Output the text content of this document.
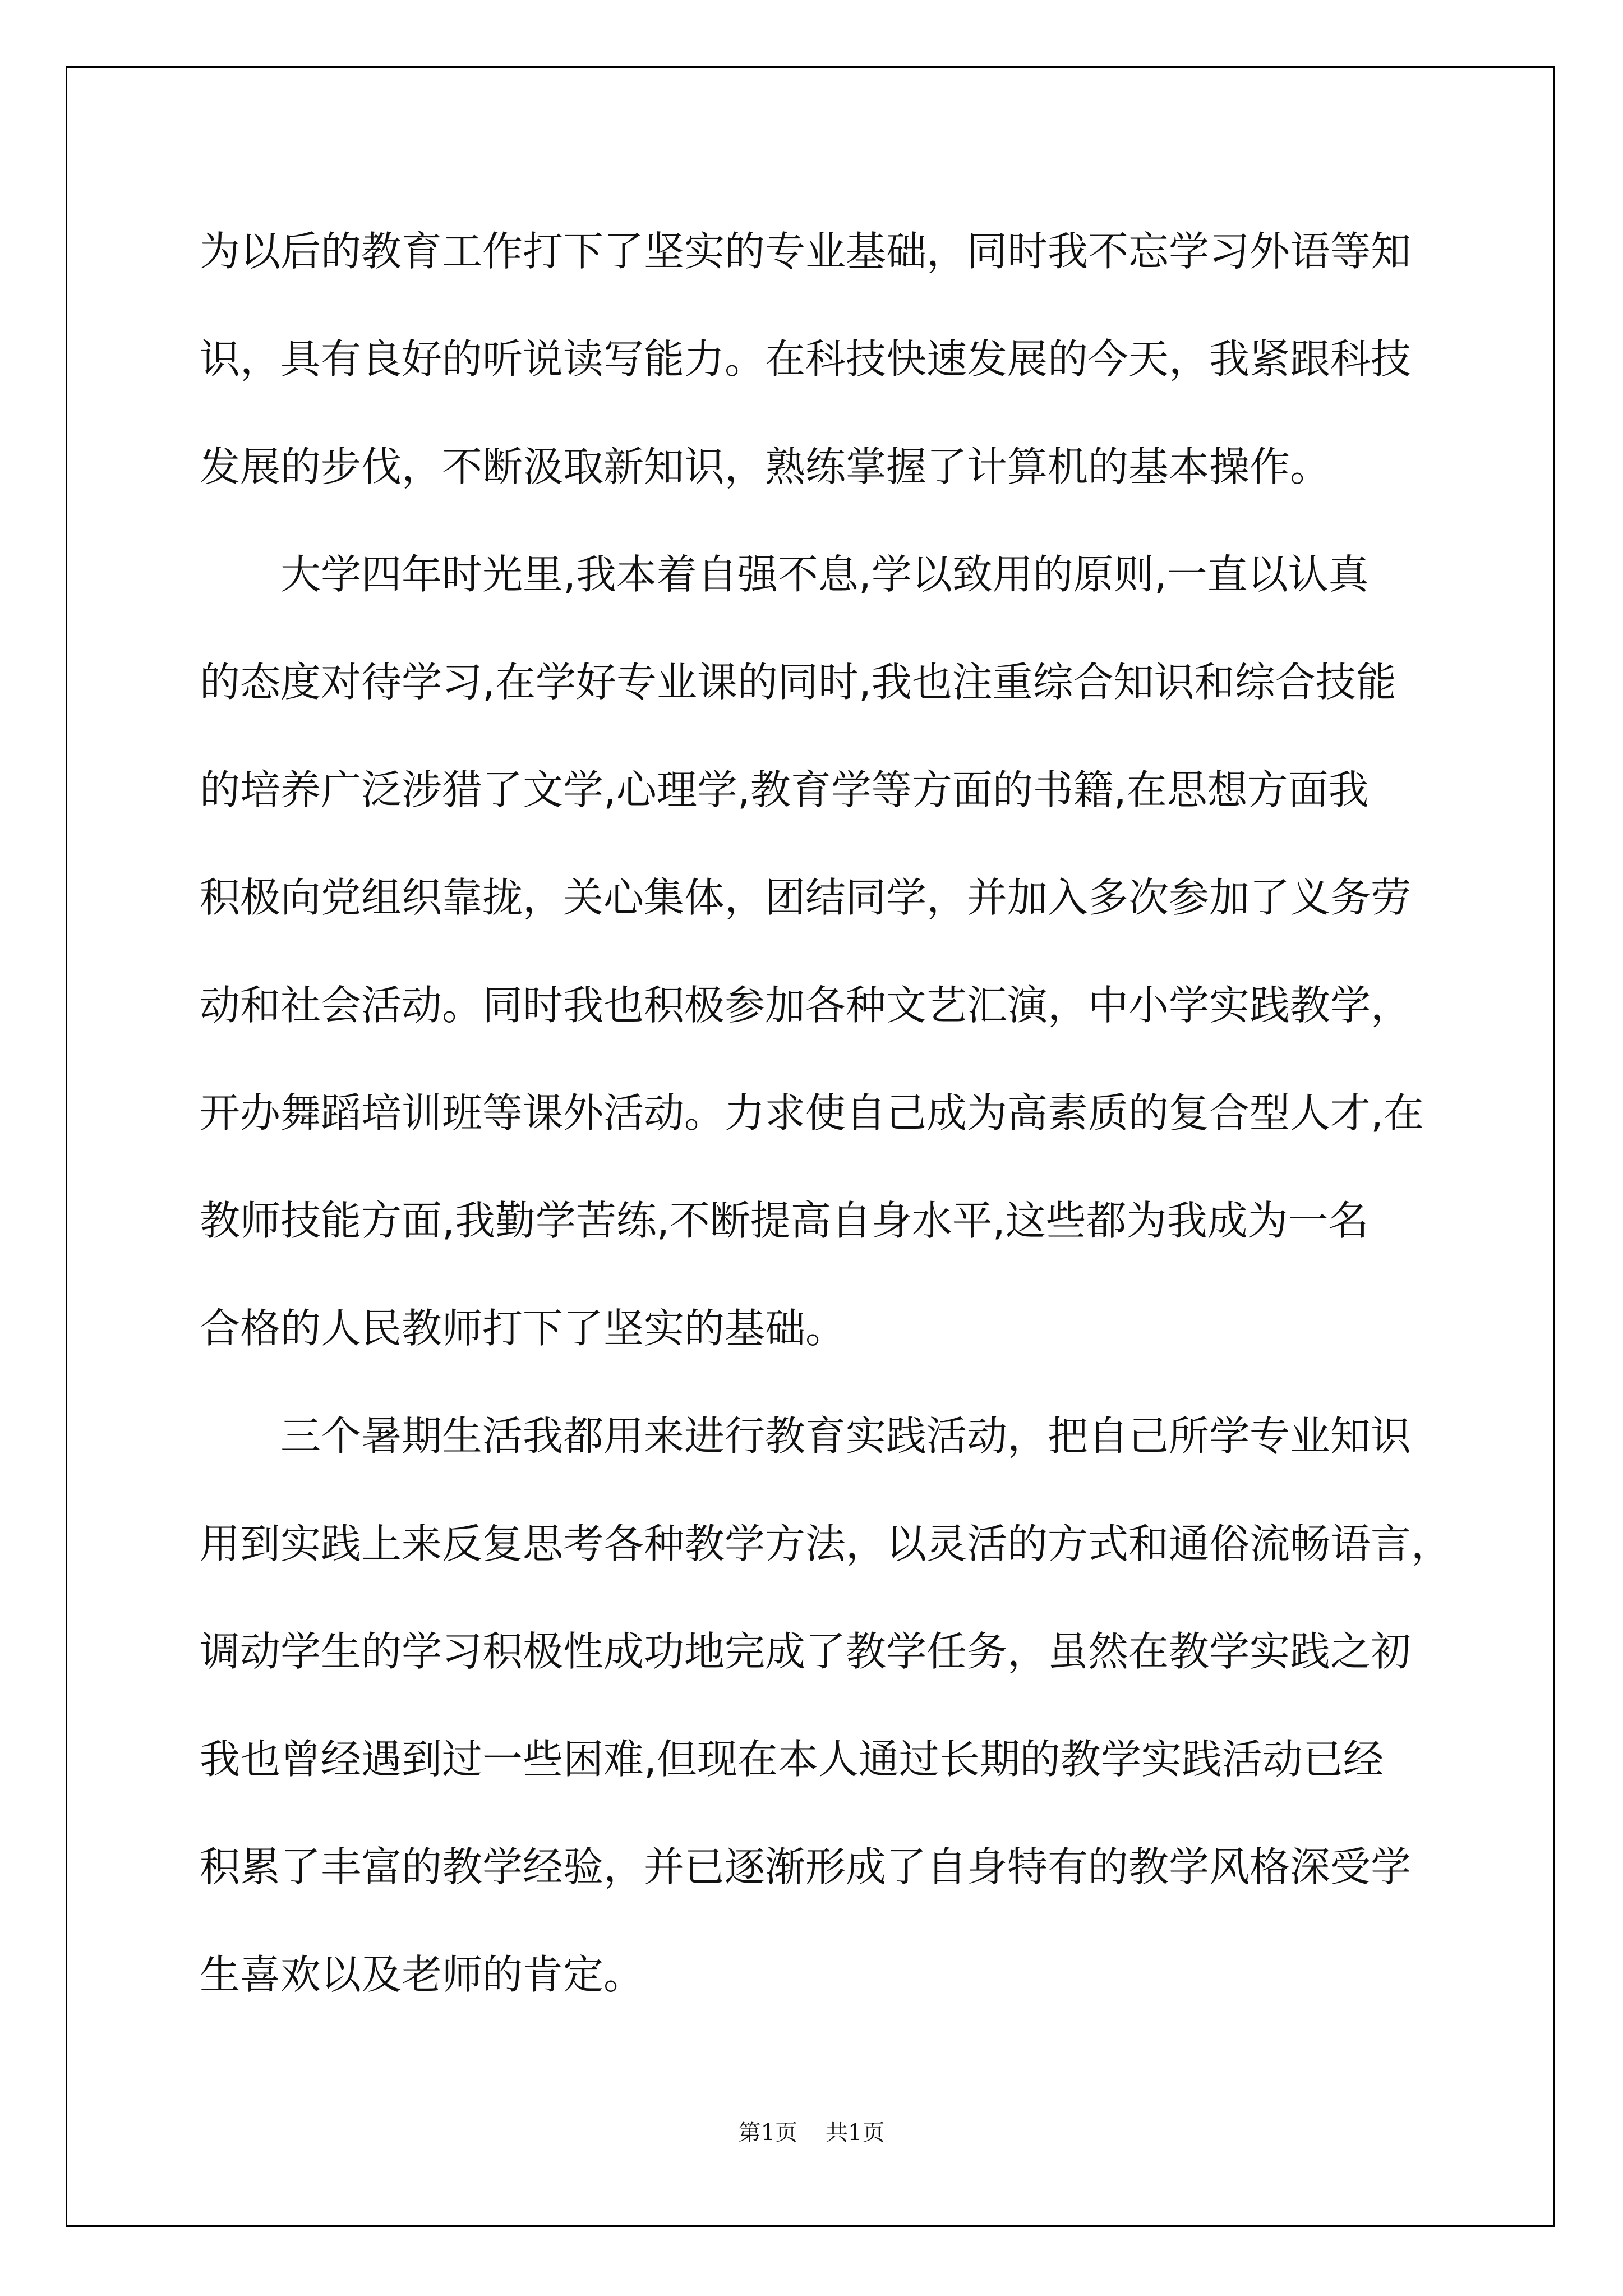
为以后的教育工作打下了坚实的专业基础，同时我不忘学习外语等知
识，具有良好的听说读写能力。在科技快速发展的今天，我紧跟科技
发展的步伐，不断汲取新知识，熟练掌握了计算机的基本操作。
大学四年时光里,我本着自强不息,学以致用的原则,一直以认真
的态度对待学习,在学好专业课的同时,我也注重综合知识和综合技能
的培养广泛涉猎了文学,心理学,教育学等方面的书籍,在思想方面我
积极向党组织靠拢，关心集体，团结同学，并加入多次参加了义务劳
动和社会活动。同时我也积极参加各种文艺汇演，中小学实践教学，
开办舞蹈培训班等课外活动。力求使自己成为高素质的复合型人才,在
教师技能方面,我勤学苦练,不断提高自身水平,这些都为我成为一名
合格的人民教师打下了坚实的基础。
三个暑期生活我都用来进行教育实践活动，把自己所学专业知识
用到实践上来反复思考各种教学方法，以灵活的方式和通俗流畅语言，
调动学生的学习积极性成功地完成了教学任务，虽然在教学实践之初
我也曾经遇到过一些困难,但现在本人通过长期的教学实践活动已经
积累了丰富的教学经验，并已逐渐形成了自身特有的教学风格深受学
生喜欢以及老师的肯定。
第1页 共1页
